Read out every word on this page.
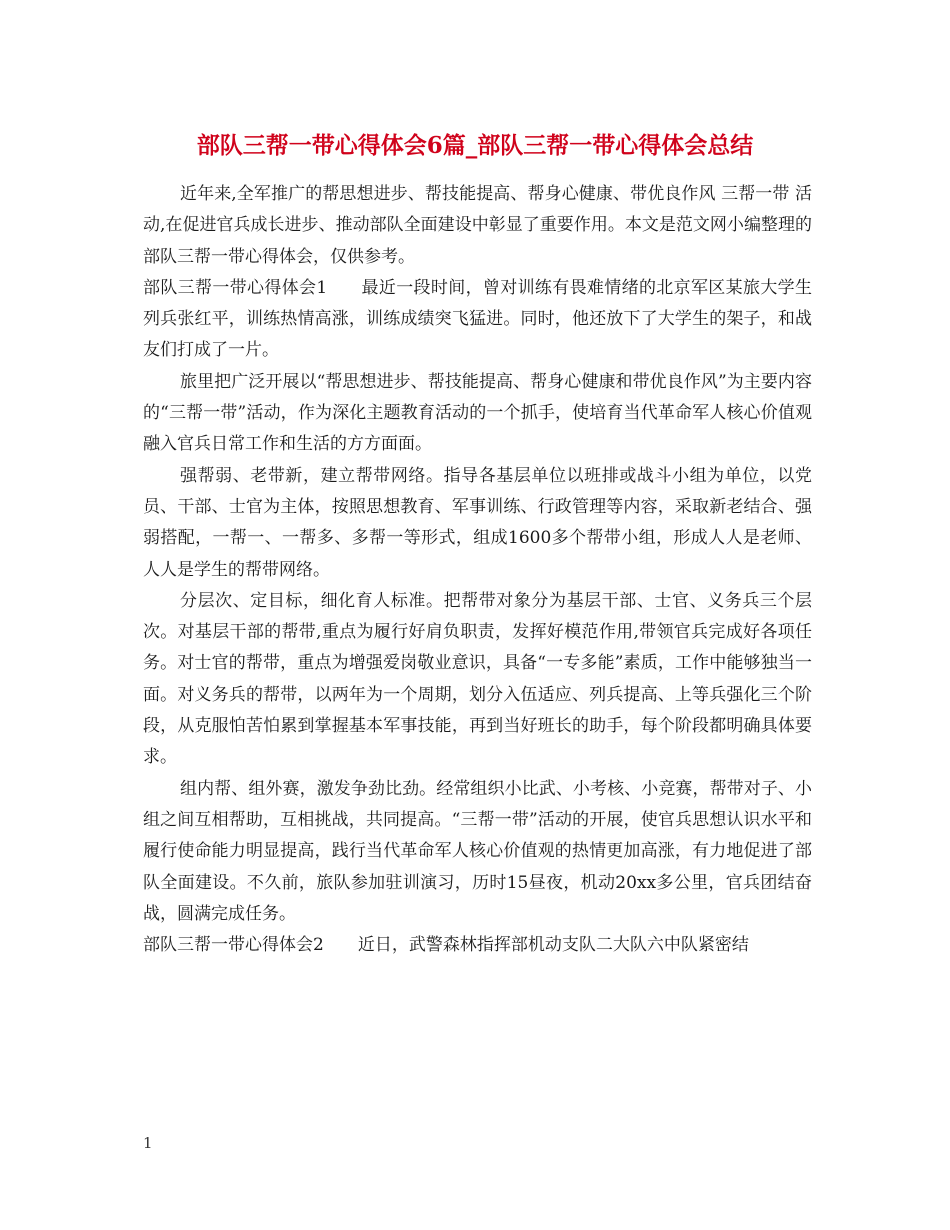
部队三帮一带心得体会6篇_部队三帮一带心得体会总结

近年来,全军推广的帮思想进步、帮技能提高、帮身心健康、带优良作风 三帮一带 活动,在促进官兵成长进步、推动部队全面建设中彰显了重要作用。本文是范文网小编整理的部队三帮一带心得体会，仅供参考。

部队三帮一带心得体会1 最近一段时间，曾对训练有畏难情绪的北京军区某旅大学生列兵张红平，训练热情高涨，训练成绩突飞猛进。同时，他还放下了大学生的架子，和战友们打成了一片。

旅里把广泛开展以“帮思想进步、帮技能提高、帮身心健康和带优良作风”为主要内容的“三帮一带”活动，作为深化主题教育活动的一个抓手，使培育当代革命军人核心价值观融入官兵日常工作和生活的方方面面。

强帮弱、老带新，建立帮带网络。指导各基层单位以班排或战斗小组为单位，以党员、干部、士官为主体，按照思想教育、军事训练、行政管理等内容，采取新老结合、强弱搭配，一帮一、一帮多、多帮一等形式，组成1600多个帮带小组，形成人人是老师、人人是学生的帮带网络。

分层次、定目标，细化育人标准。把帮带对象分为基层干部、士官、义务兵三个层次。对基层干部的帮带,重点为履行好肩负职责，发挥好模范作用,带领官兵完成好各项任务。对士官的帮带，重点为增强爱岗敬业意识，具备“一专多能”素质，工作中能够独当一面。对义务兵的帮带，以两年为一个周期，划分入伍适应、列兵提高、上等兵强化三个阶段，从克服怕苦怕累到掌握基本军事技能，再到当好班长的助手，每个阶段都明确具体要求。

组内帮、组外赛，激发争劲比劲。经常组织小比武、小考核、小竞赛，帮带对子、小组之间互相帮助，互相挑战，共同提高。“三帮一带”活动的开展，使官兵思想认识水平和履行使命能力明显提高，践行当代革命军人核心价值观的热情更加高涨，有力地促进了部队全面建设。不久前，旅队参加驻训演习，历时15昼夜，机动20xx多公里，官兵团结奋战，圆满完成任务。

部队三帮一带心得体会2 近日，武警森林指挥部机动支队二大队六中队紧密结

1
